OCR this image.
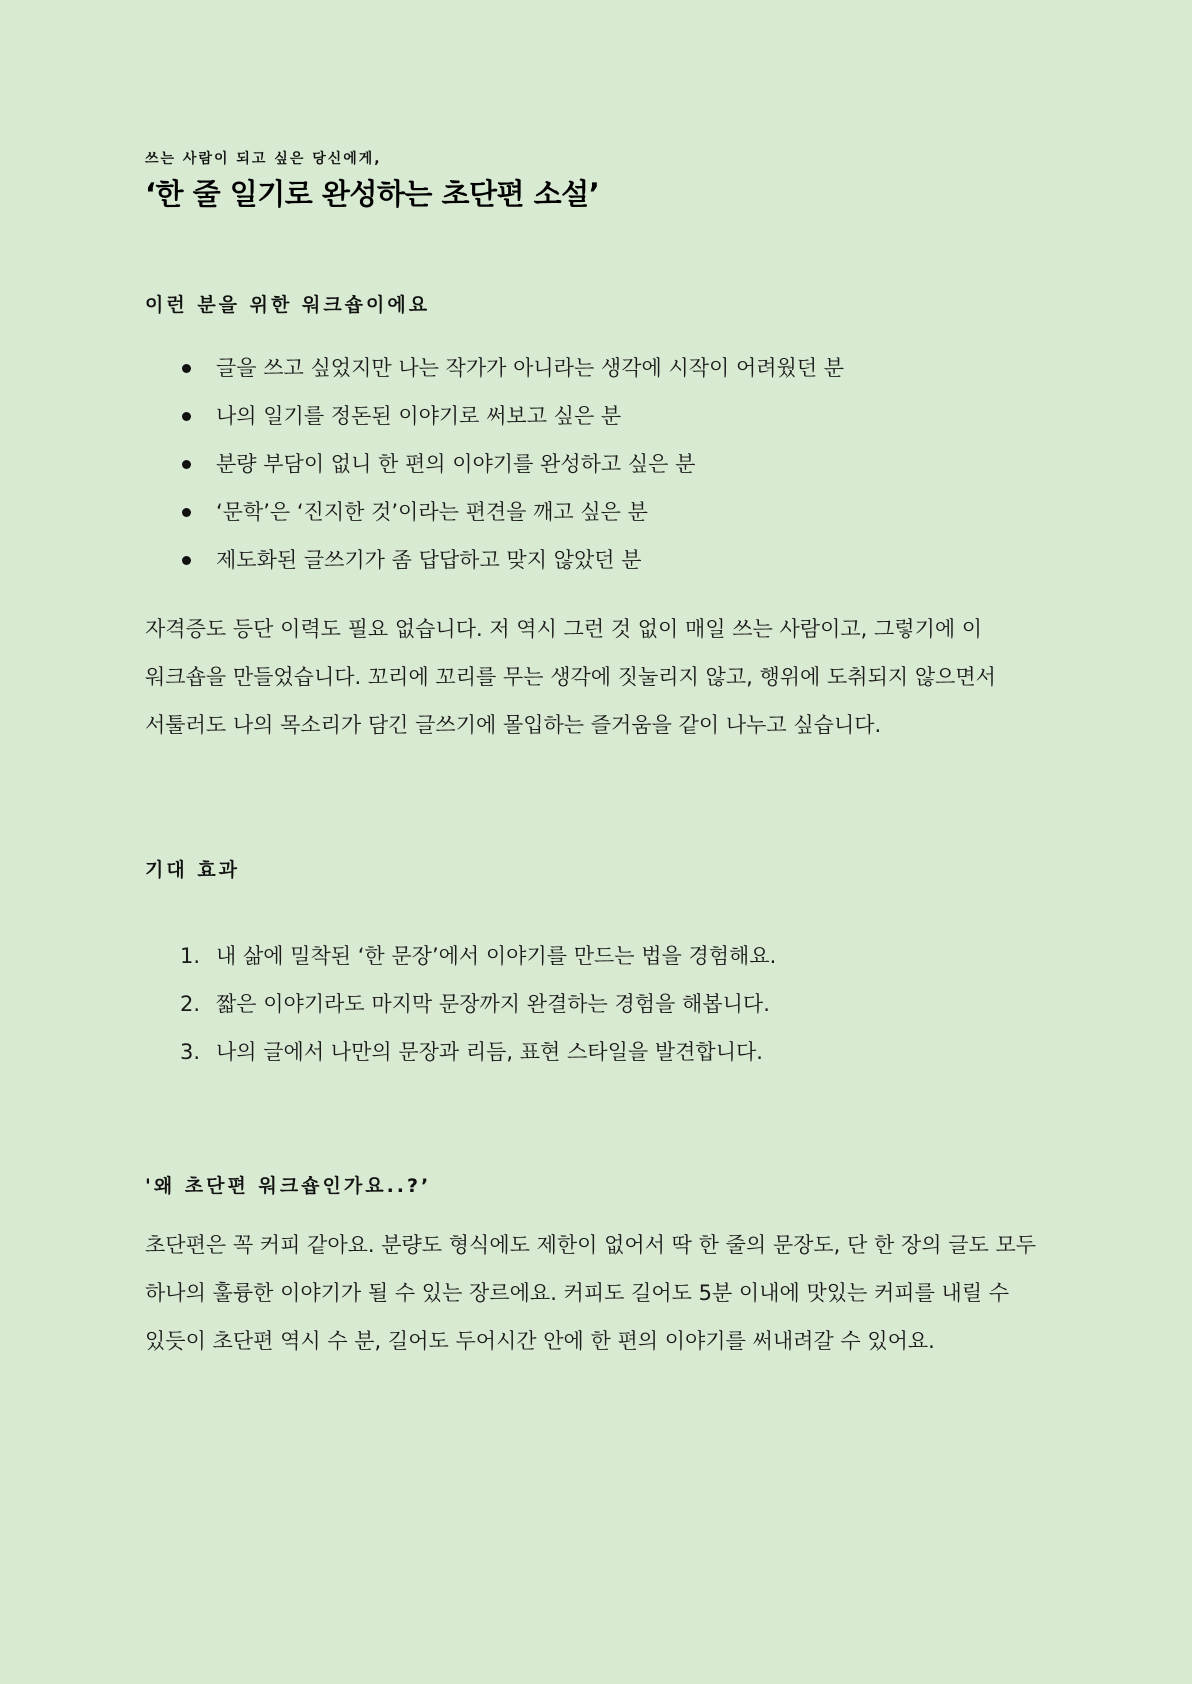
쓰는 사람이 되고 싶은 당신에게,
‘한 줄 일기로 완성하는 초단편 소설’
이런 분을 위한 워크숍이에요
글을 쓰고 싶었지만 나는 작가가 아니라는 생각에 시작이 어려웠던 분
나의 일기를 정돈된 이야기로 써보고 싶은 분
분량 부담이 없니 한 편의 이야기를 완성하고 싶은 분
‘문학’은 ‘진지한 것’이라는 편견을 깨고 싶은 분
제도화된 글쓰기가 좀 답답하고 맞지 않았던 분
자격증도 등단 이력도 필요 없습니다. 저 역시 그런 것 없이 매일 쓰는 사람이고, 그렇기에 이
워크숍을 만들었습니다. 꼬리에 꼬리를 무는 생각에 짓눌리지 않고, 행위에 도취되지 않으면서
서툴러도 나의 목소리가 담긴 글쓰기에 몰입하는 즐거움을 같이 나누고 싶습니다.
기대 효과
1. 내 삶에 밀착된 ‘한 문장’에서 이야기를 만드는 법을 경험해요.
2. 짧은 이야기라도 마지막 문장까지 완결하는 경험을 해봅니다.
3. 나의 글에서 나만의 문장과 리듬, 표현 스타일을 발견합니다.
'왜 초단편 워크숍인가요..?’
초단편은 꼭 커피 같아요. 분량도 형식에도 제한이 없어서 딱 한 줄의 문장도, 단 한 장의 글도 모두
하나의 훌륭한 이야기가 될 수 있는 장르에요. 커피도 길어도 5분 이내에 맛있는 커피를 내릴 수
있듯이 초단편 역시 수 분, 길어도 두어시간 안에 한 편의 이야기를 써내려갈 수 있어요.
